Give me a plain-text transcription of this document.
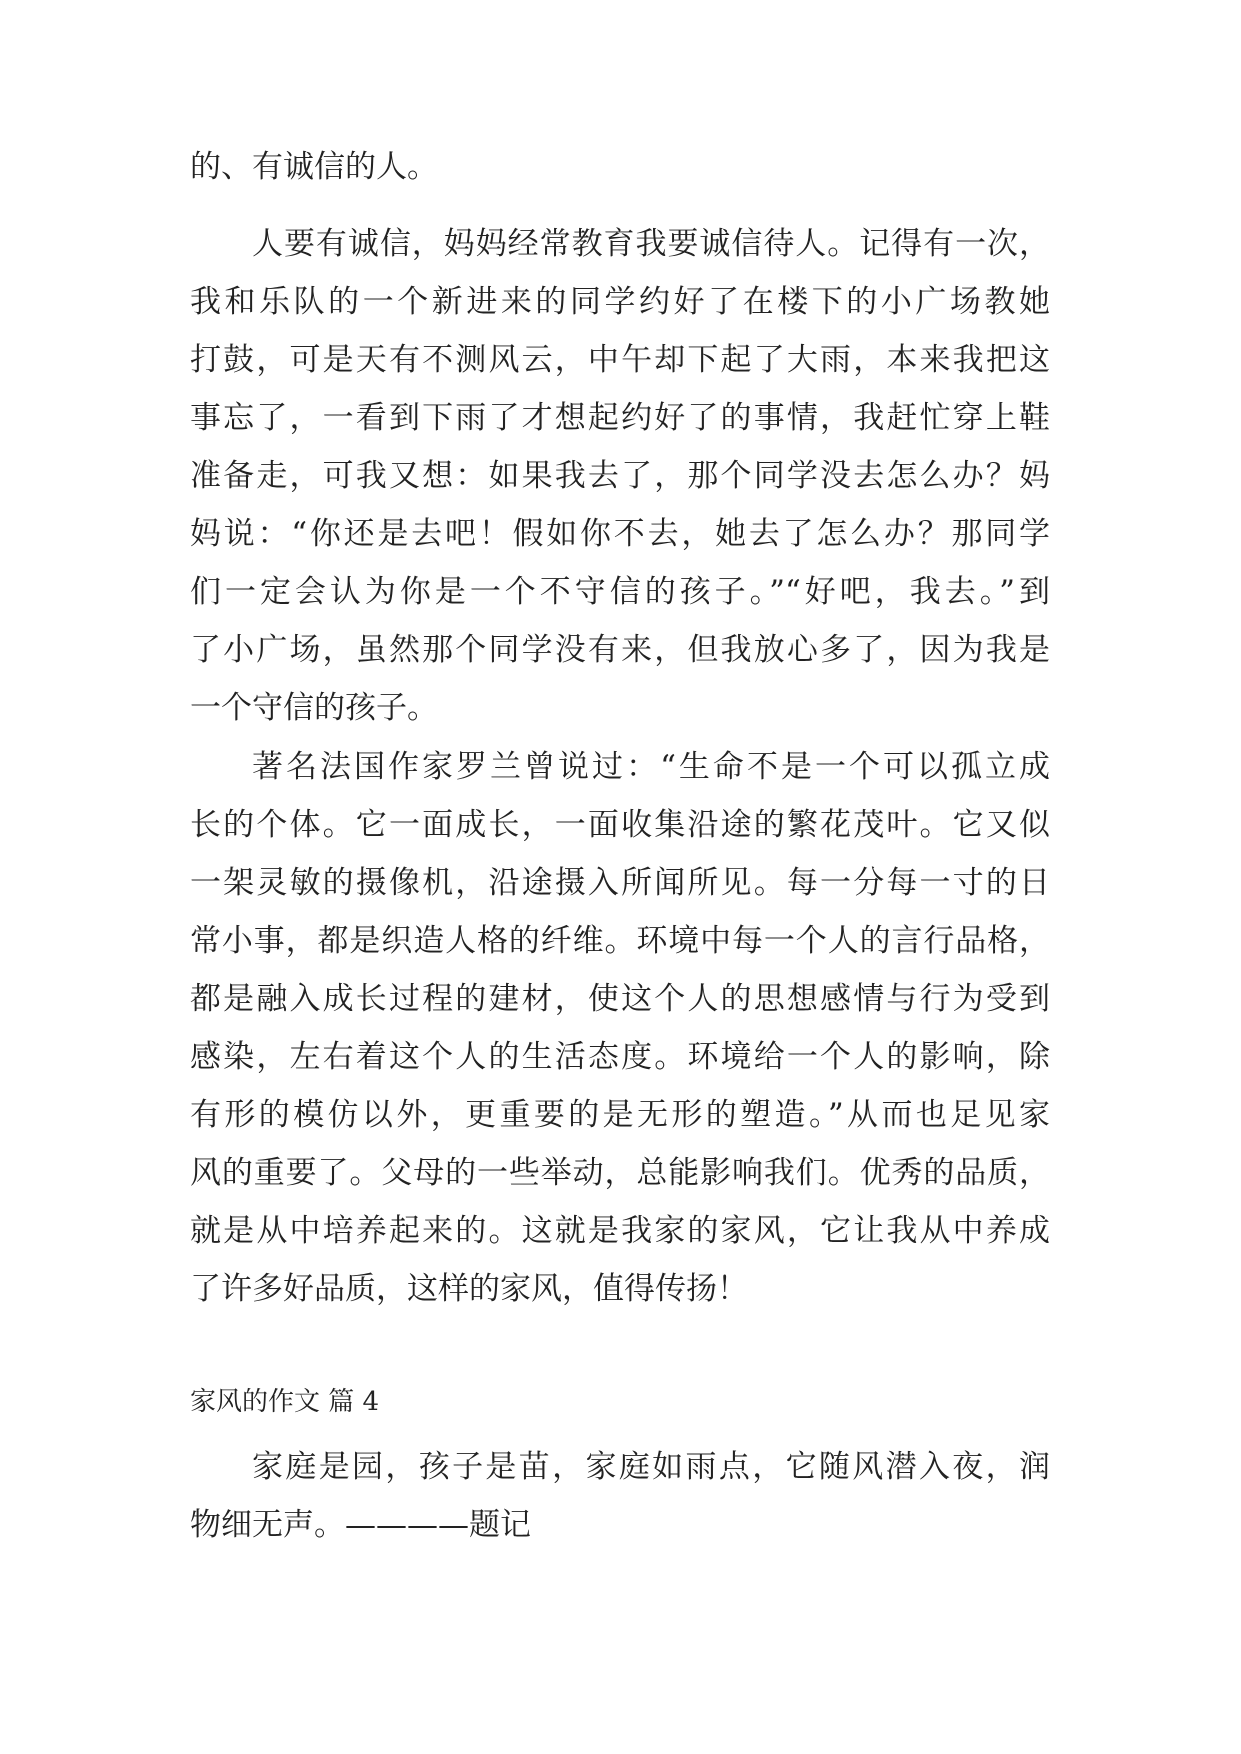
的、有诚信的人。
人要有诚信，妈妈经常教育我要诚信待人。记得有一次，
我和乐队的一个新进来的同学约好了在楼下的小广场教她
打鼓，可是天有不测风云，中午却下起了大雨，本来我把这
事忘了，一看到下雨了才想起约好了的事情，我赶忙穿上鞋
准备走，可我又想：如果我去了，那个同学没去怎么办？妈
妈说：“你还是去吧！假如你不去，她去了怎么办？那同学
们一定会认为你是一个不守信的孩子。”“好吧，我去。”到
了小广场，虽然那个同学没有来，但我放心多了，因为我是
一个守信的孩子。
著名法国作家罗兰曾说过：“生命不是一个可以孤立成
长的个体。它一面成长，一面收集沿途的繁花茂叶。它又似
一架灵敏的摄像机，沿途摄入所闻所见。每一分每一寸的日
常小事，都是织造人格的纤维。环境中每一个人的言行品格，
都是融入成长过程的建材，使这个人的思想感情与行为受到
感染，左右着这个人的生活态度。环境给一个人的影响，除
有形的模仿以外，更重要的是无形的塑造。”从而也足见家
风的重要了。父母的一些举动，总能影响我们。优秀的品质，
就是从中培养起来的。这就是我家的家风，它让我从中养成
了许多好品质，这样的家风，值得传扬！
家风的作文 篇 4
家庭是园，孩子是苗，家庭如雨点，它随风潜入夜，润
物细无声。————题记
